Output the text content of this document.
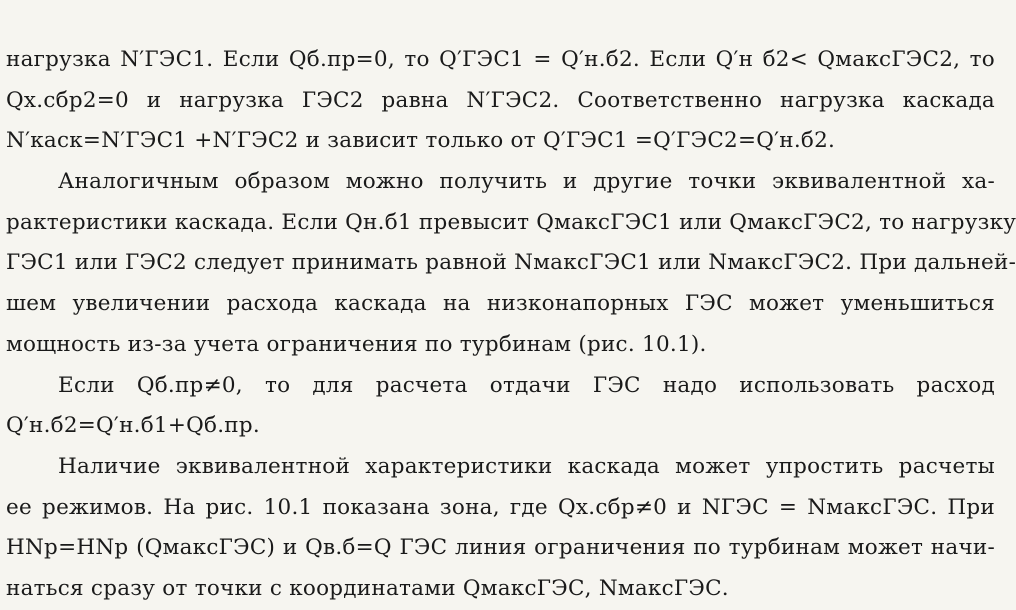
нагрузка N′ГЭС1. Если Qб.пр=0, то Q′ГЭС1 = Q′н.б2. Если Q′н б2< QмаксГЭС2, то
Qх.сбр2=0 и нагрузка ГЭС2 равна N′ГЭС2. Соответственно нагрузка каскада
N′каск=N′ГЭС1 +N′ГЭС2 и зависит только от Q′ГЭС1 =Q′ГЭС2=Q′н.б2.
Аналогичным образом можно получить и другие точки эквивалентной ха-
рактеристики каскада. Если Qн.б1 превысит QмаксГЭС1 или QмаксГЭС2, то нагрузку
ГЭС1 или ГЭС2 следует принимать равной NмаксГЭС1 или NмаксГЭС2. При дальней-
шем увеличении расхода каскада на низконапорных ГЭС может уменьшиться
мощность из-за учета ограничения по турбинам (рис. 10.1).
Если Qб.пр≠0, то для расчета отдачи ГЭС надо использовать расход
Q′н.б2=Q′н.б1+Qб.пр.
Наличие эквивалентной характеристики каскада может упростить расчеты
ее режимов. На рис. 10.1 показана зона, где Qх.сбр≠0 и NГЭС = NмаксГЭС. При
HNр=HNр (QмаксГЭС) и Qв.б=Q ГЭС линия ограничения по турбинам может начи-
наться сразу от точки с координатами QмаксГЭС, NмаксГЭС.
